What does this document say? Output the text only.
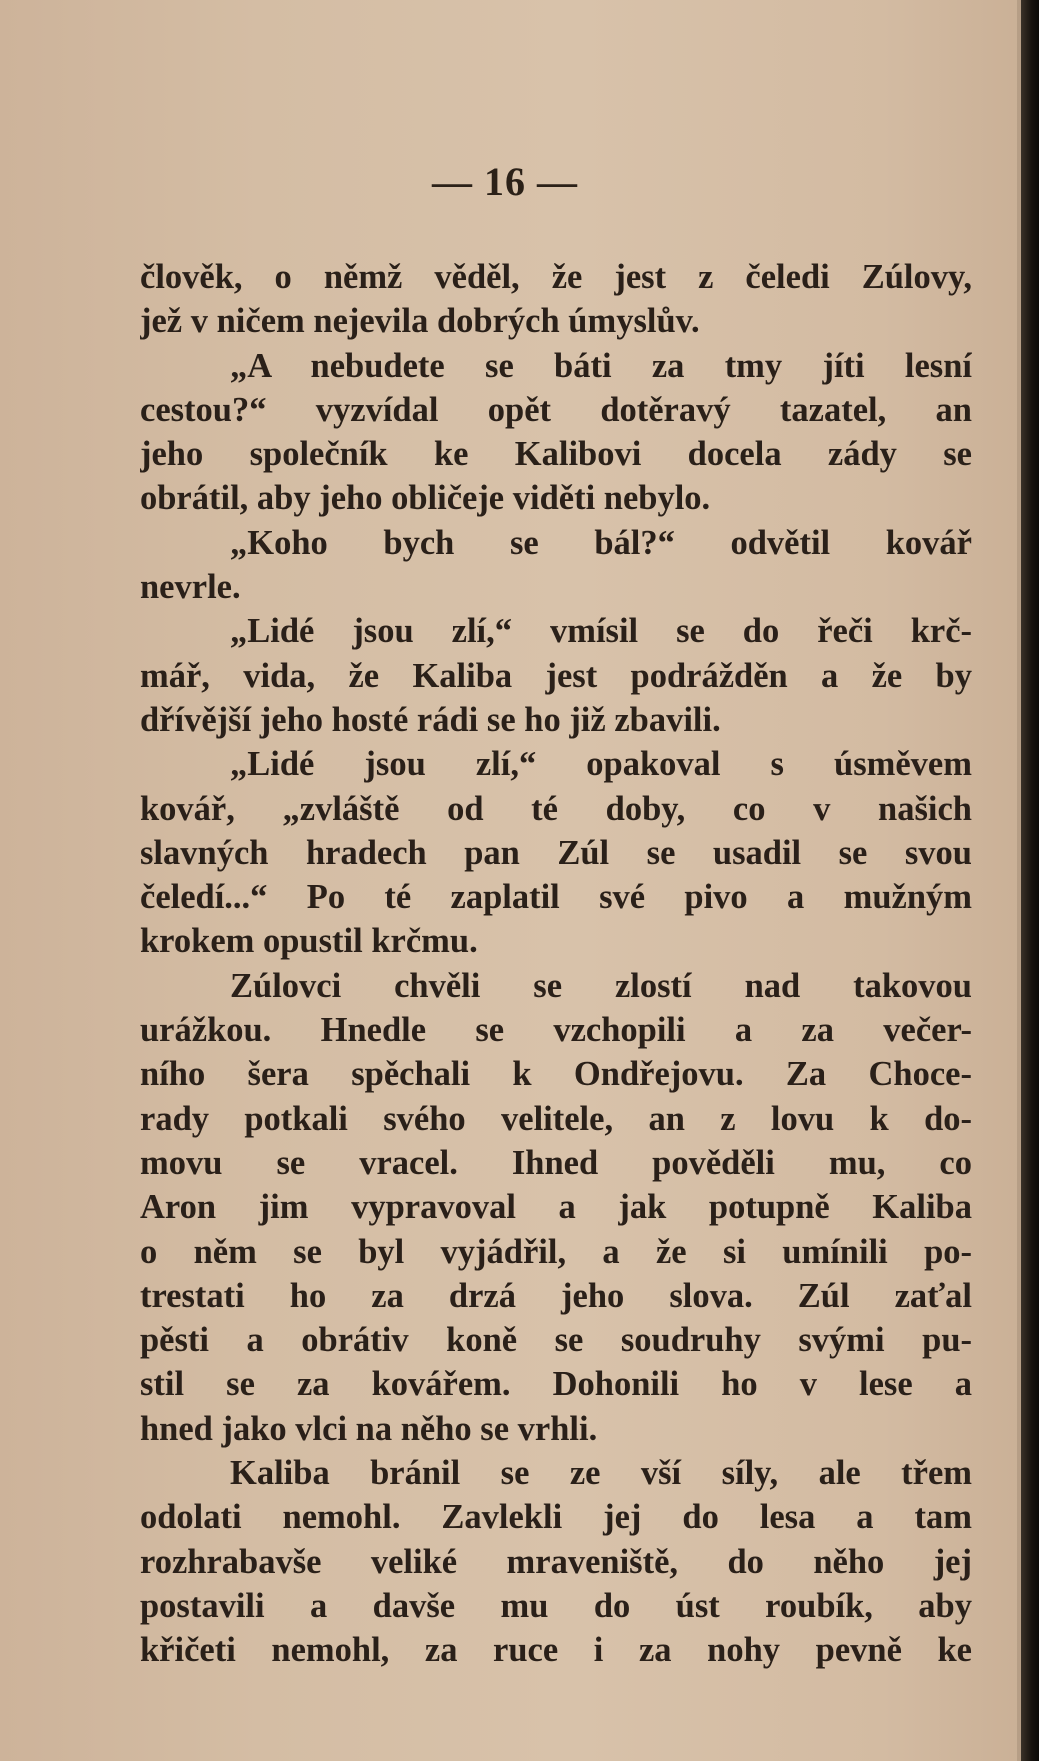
— 16 —
člověk, o němž věděl, že jest z čeledi Zúlovy,
jež v ničem nejevila dobrých úmyslův.
„A nebudete se báti za tmy jíti lesní
cestou?“ vyzvídal opět dotěravý tazatel, an
jeho společník ke Kalibovi docela zády se
obrátil, aby jeho obličeje viděti nebylo.
„Koho bych se bál?“ odvětil kovář
nevrle.
„Lidé jsou zlí,“ vmísil se do řeči krč-
mář, vida, že Kaliba jest podrážděn a že by
dřívější jeho hosté rádi se ho již zbavili.
„Lidé jsou zlí,“ opakoval s úsměvem
kovář, „zvláště od té doby, co v našich
slavných hradech pan Zúl se usadil se svou
čeledí...“ Po té zaplatil své pivo a mužným
krokem opustil krčmu.
Zúlovci chvěli se zlostí nad takovou
urážkou. Hnedle se vzchopili a za večer-
ního šera spěchali k Ondřejovu. Za Choce-
rady potkali svého velitele, an z lovu k do-
movu se vracel. Ihned pověděli mu, co
Aron jim vypravoval a jak potupně Kaliba
o něm se byl vyjádřil, a že si umínili po-
trestati ho za drzá jeho slova. Zúl zaťal
pěsti a obrátiv koně se soudruhy svými pu-
stil se za kovářem. Dohonili ho v lese a
hned jako vlci na něho se vrhli.
Kaliba bránil se ze vší síly, ale třem
odolati nemohl. Zavlekli jej do lesa a tam
rozhrabavše veliké mraveniště, do něho jej
postavili a davše mu do úst roubík, aby
křičeti nemohl, za ruce i za nohy pevně ke
